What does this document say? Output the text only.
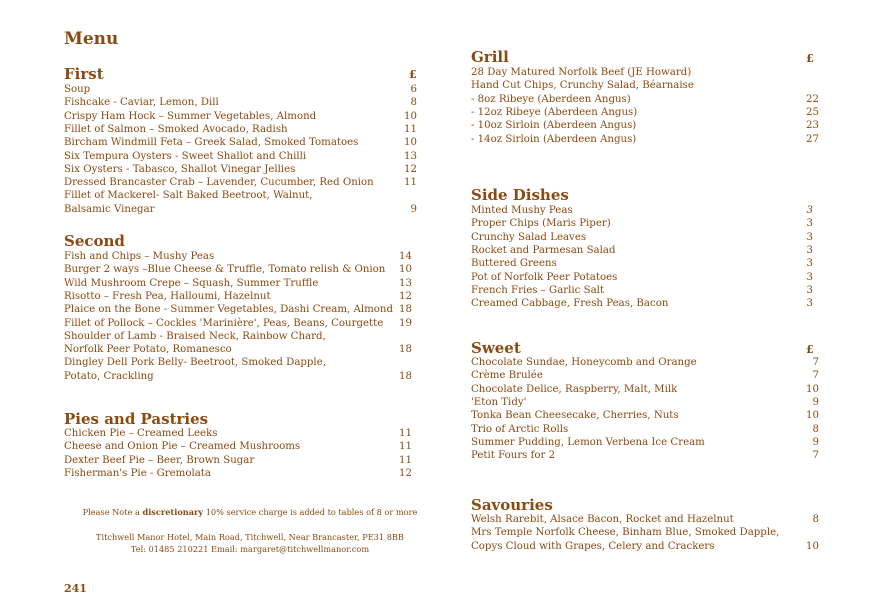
Menu
First	£
Second
Pies and Pastries
Please Note a discretionary 10% service charge is added to tables of 8 or more
Titchwell Manor Hotel, Main Road, Titchwell, Near Brancaster, PE31 8BB
Tel: 01485 210221 Email: margaret@titchwellmanor.com
241
Grill	£
Side Dishes
Sweet	£
Savouries
Soup	6
Fishcake - Caviar, Lemon, Dill	8
Crispy Ham Hock – Summer Vegetables, Almond	10
Fillet of Salmon – Smoked Avocado, Radish	11
Bircham Windmill Feta – Greek Salad, Smoked Tomatoes	10
Six Tempura Oysters - Sweet Shallot and Chilli	13
Six Oysters - Tabasco, Shallot Vinegar Jellies	12
Dressed Brancaster Crab – Lavender, Cucumber, Red Onion	11
Fillet of Mackerel- Salt Baked Beetroot, Walnut,
Balsamic Vinegar	9
Fish and Chips – Mushy Peas	14
Burger 2 ways –Blue Cheese & Truffle, Tomato relish & Onion	10
Wild Mushroom Crepe – Squash, Summer Truffle	13
Risotto – Fresh Pea, Halloumi, Hazelnut	12
Plaice on the Bone - Summer Vegetables, Dashi Cream, Almond 18
Fillet of Pollock – Cockles 'Marinière', Peas, Beans, Courgette	19
Shoulder of Lamb - Braised Neck, Rainbow Chard,
Norfolk Peer Potato, Romanesco	18
Dingley Dell Pork Belly- Beetroot, Smoked Dapple,
Potato, Crackling	18
Chicken Pie – Creamed Leeks	11
Cheese and Onion Pie – Creamed Mushrooms	11
Dexter Beef Pie – Beer, Brown Sugar	11
Fisherman's Pie - Gremolata	12
28 Day Matured Norfolk Beef (JE Howard)
Hand Cut Chips, Crunchy Salad, Béarnaise
- 8oz Ribeye (Aberdeen Angus)	22
- 12oz Ribeye (Aberdeen Angus)	25
- 10oz Sirloin (Aberdeen Angus)	23
- 14oz Sirloin (Aberdeen Angus)	27
Minted Mushy Peas	3
Proper Chips (Maris Piper)	3
Crunchy Salad Leaves	3
Rocket and Parmesan Salad	3
Buttered Greens	3
Pot of Norfolk Peer Potatoes	3
French Fries – Garlic Salt	3
Creamed Cabbage, Fresh Peas, Bacon	3
Chocolate Sundae, Honeycomb and Orange	7
Crème Brulée	7
Chocolate Delice, Raspberry, Malt, Milk	10
'Eton Tidy'	9
Tonka Bean Cheesecake, Cherries, Nuts	10
Trio of Arctic Rolls	8
Summer Pudding, Lemon Verbena Ice Cream	9
Petit Fours for 2	7
Welsh Rarebit, Alsace Bacon, Rocket and Hazelnut	8
Mrs Temple Norfolk Cheese, Binham Blue, Smoked Dapple,
Copys Cloud with Grapes, Celery and Crackers	10
